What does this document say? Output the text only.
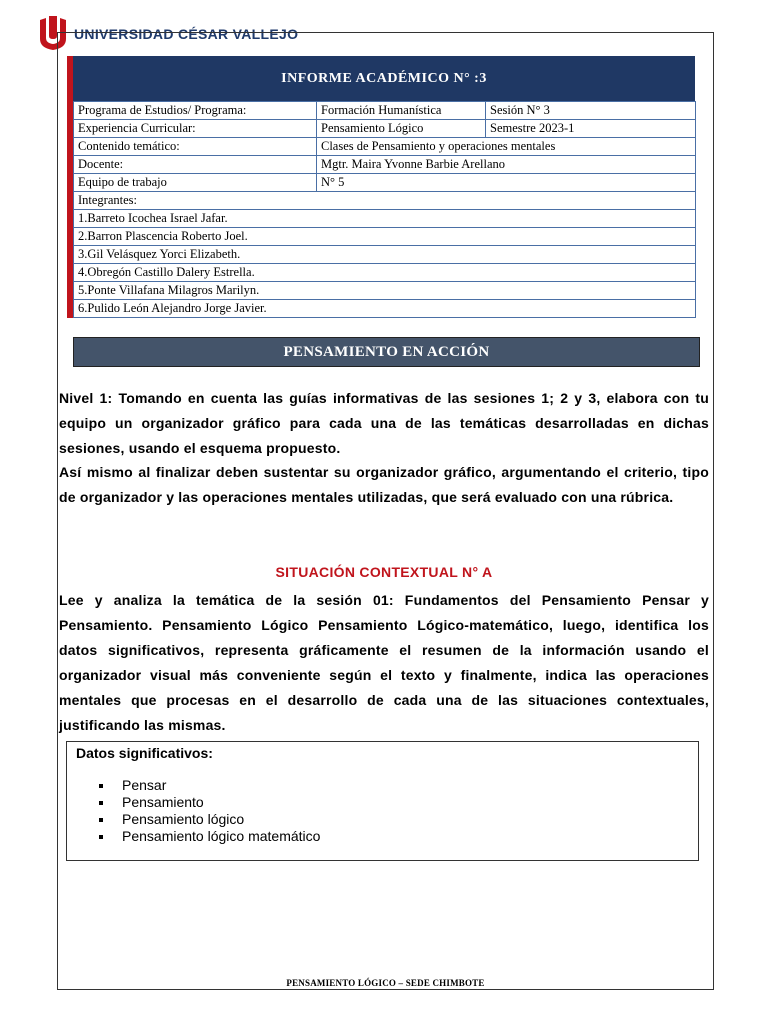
UNIVERSIDAD CÉSAR VALLEJO
INFORME ACADÉMICO N° :3
Programa de Estudios/ Programa:	Formación Humanística	Sesión N° 3
Experiencia Curricular:	Pensamiento Lógico	Semestre 2023-1
Contenido temático:	Clases de Pensamiento y operaciones mentales	
Docente:	Mgtr. Maira Yvonne Barbie Arellano	
Equipo de trabajo	N° 5	
Integrantes:		
1.Barreto Icochea Israel Jafar.		
2.Barron Plascencia Roberto Joel.		
3.Gil Velásquez Yorci Elizabeth.		
4.Obregón Castillo Dalery Estrella.		
5.Ponte Villafana Milagros Marilyn.		
6.Pulido León Alejandro Jorge Javier.		
PENSAMIENTO EN ACCIÓN
Nivel 1: Tomando en cuenta las guías informativas de las sesiones 1; 2 y 3, elabora con tu equipo un organizador gráfico para cada una de las temáticas desarrolladas en dichas sesiones, usando el esquema propuesto.
Así mismo al finalizar deben sustentar su organizador gráfico, argumentando el criterio, tipo de organizador y las operaciones mentales utilizadas, que será evaluado con una rúbrica.
SITUACIÓN CONTEXTUAL N° A
Lee y analiza la temática de la sesión 01: Fundamentos del Pensamiento Pensar y Pensamiento. Pensamiento Lógico Pensamiento Lógico-matemático, luego, identifica los datos significativos, representa gráficamente el resumen de la información usando el organizador visual más conveniente según el texto y finalmente, indica las operaciones mentales que procesas en el desarrollo de cada una de las situaciones contextuales, justificando las mismas.
Datos significativos:
Pensar
Pensamiento
Pensamiento lógico
Pensamiento lógico matemático
PENSAMIENTO LÓGICO – SEDE CHIMBOTE
